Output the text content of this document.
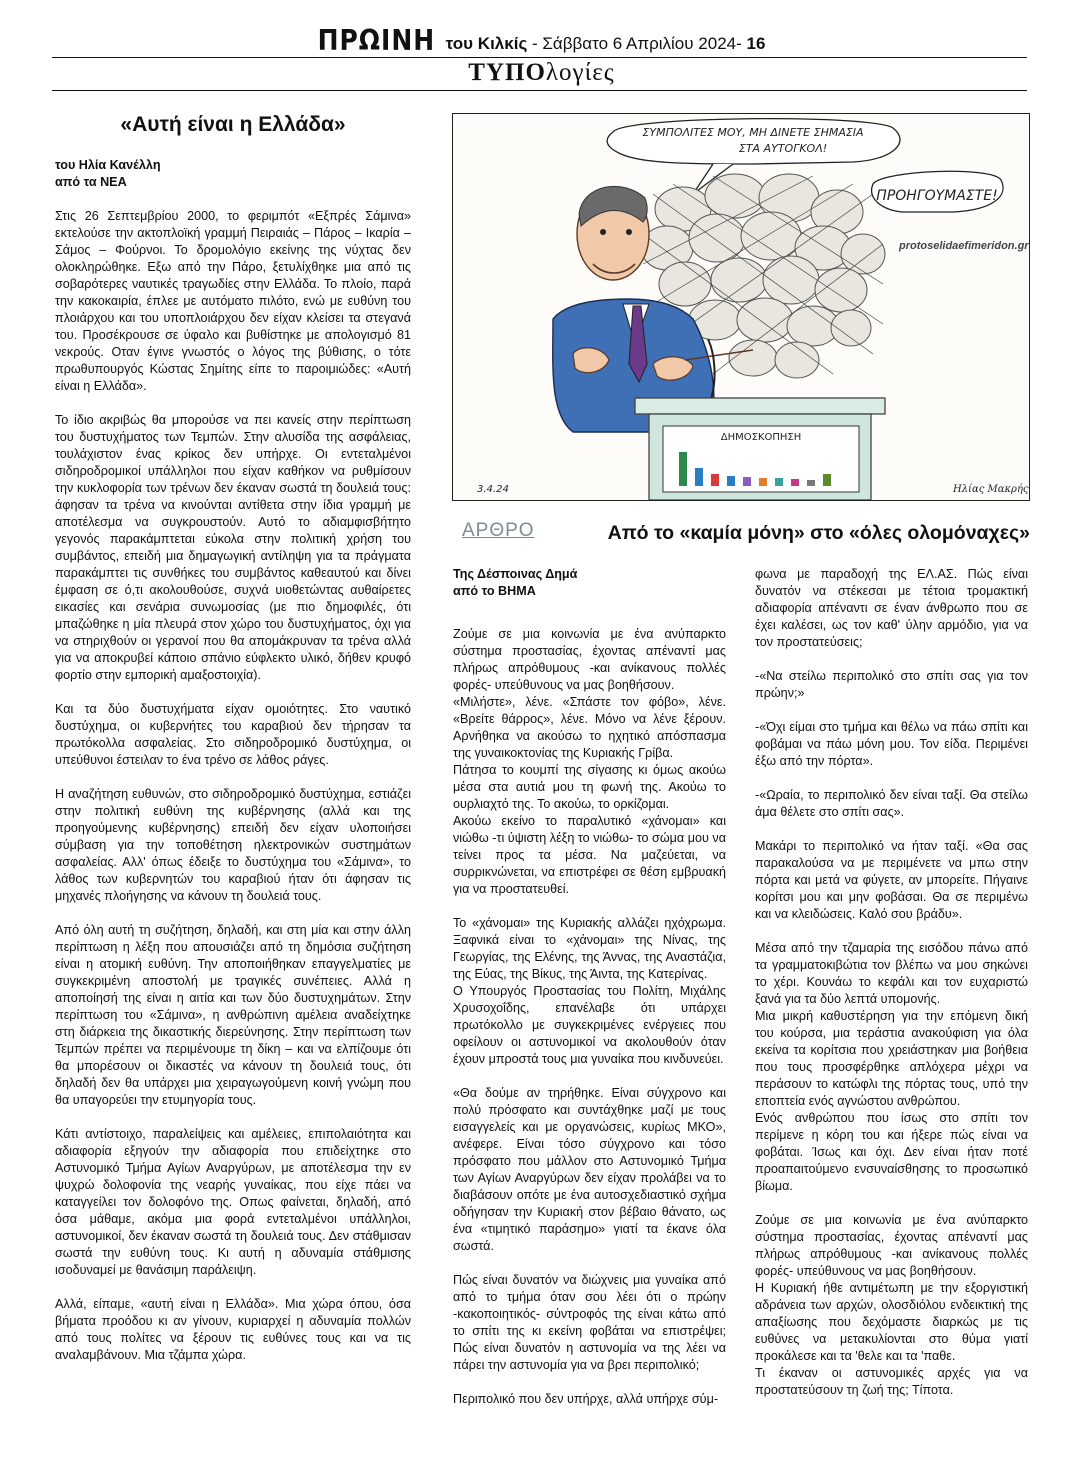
ΠΡΩΙΝΗ του Κιλκίς - Σάββατο 6 Απριλίου 2024- 16
ΤΥΠΟλογίες
«Αυτή είναι η Ελλάδα»
του Ηλία Κανέλλη
από τα ΝΕΑ

Στις 26 Σεπτεμβρίου 2000, το φεριμπότ «Εξπρές Σάμινα» εκτελούσε την ακτοπλοϊκή γραμμή Πειραιάς – Πάρος – Ικαρία – Σάμος – Φούρνοι. Το δρομολόγιο εκείνης της νύχτας δεν ολοκληρώθηκε. Εξω από την Πάρο, ξετυλίχθηκε μια από τις σοβαρότερες ναυτικές τραγωδίες στην Ελλάδα. Το πλοίο, παρά την κακοκαιρία, έπλεε με αυτόματο πιλότο, ενώ με ευθύνη του πλοιάρχου και του υποπλοιάρχου δεν είχαν κλείσει τα στεγανά του. Προσέκρουσε σε ύφαλο και βυθίστηκε με απολογισμό 81 νεκρούς. Οταν έγινε γνωστός ο λόγος της βύθισης, ο τότε πρωθυπουργός Κώστας Σημίτης είπε το παροιμιώδες: «Αυτή είναι η Ελλάδα».

Το ίδιο ακριβώς θα μπορούσε να πει κανείς στην περίπτωση του δυστυχήματος των Τεμπών. Στην αλυσίδα της ασφάλειας, τουλάχιστον ένας κρίκος δεν υπήρχε. Οι εντεταλμένοι σιδηροδρομικοί υπάλληλοι που είχαν καθήκον να ρυθμίσουν την κυκλοφορία των τρένων δεν έκαναν σωστά τη δουλειά τους: άφησαν τα τρένα να κινούνται αντίθετα στην ίδια γραμμή με αποτέλεσμα να συγκρουστούν. Αυτό το αδιαμφισβήτητο γεγονός παρακάμπτεται εύκολα στην πολιτική χρήση του συμβάντος, επειδή μια δημαγωγική αντίληψη για τα πράγματα παρακάμπτει τις συνθήκες του συμβάντος καθεαυτού και δίνει έμφαση σε ό,τι ακολουθούσε, συχνά υιοθετώντας αυθαίρετες εικασίες και σενάρια συνωμοσίας (με πιο δημοφιλές, ότι μπαζώθηκε η μία πλευρά στον χώρο του δυστυχήματος, όχι για να στηριχθούν οι γερανοί που θα απομάκρυναν τα τρένα αλλά για να αποκρυβεί κάποιο σπάνιο εύφλεκτο υλικό, δήθεν κρυφό φορτίο στην εμπορική αμαξοστοιχία).

Και τα δύο δυστυχήματα είχαν ομοιότητες. Στο ναυτικό δυστύχημα, οι κυβερνήτες του καραβιού δεν τήρησαν τα πρωτόκολλα ασφαλείας. Στο σιδηροδρομικό δυστύχημα, οι υπεύθυνοι έστειλαν το ένα τρένο σε λάθος ράγες.

Η αναζήτηση ευθυνών, στο σιδηροδρομικό δυστύχημα, εστιάζει στην πολιτική ευθύνη της κυβέρνησης (αλλά και της προηγούμενης κυβέρνησης) επειδή δεν είχαν υλοποιήσει σύμβαση για την τοποθέτηση ηλεκτρονικών συστημάτων ασφαλείας. Αλλ' όπως έδειξε το δυστύχημα του «Σάμινα», το λάθος των κυβερνητών του καραβιού ήταν ότι άφησαν τις μηχανές πλοήγησης να κάνουν τη δουλειά τους.

Από όλη αυτή τη συζήτηση, δηλαδή, και στη μία και στην άλλη περίπτωση η λέξη που απουσιάζει από τη δημόσια συζήτηση είναι η ατομική ευθύνη. Την αποποιήθηκαν επαγγελματίες με συγκεκριμένη αποστολή με τραγικές συνέπειες. Αλλά η αποποίησή της είναι η αιτία και των δύο δυστυχημάτων. Στην περίπτωση του «Σάμινα», η ανθρώπινη αμέλεια αναδείχτηκε στη διάρκεια της δικαστικής διερεύνησης. Στην περίπτωση των Τεμπών πρέπει να περιμένουμε τη δίκη – και να ελπίζουμε ότι θα μπορέσουν οι δικαστές να κάνουν τη δουλειά τους, ότι δηλαδή δεν θα υπάρχει μια χειραγωγούμενη κοινή γνώμη που θα υπαγορεύει την ετυμηγορία τους.

Κάτι αντίστοιχο, παραλείψεις και αμέλειες, επιπολαιότητα και αδιαφορία εξηγούν την αδιαφορία που επιδείχτηκε στο Αστυνομικό Τμήμα Αγίων Αναργύρων, με αποτέλεσμα την εν ψυχρώ δολοφονία της νεαρής γυναίκας, που είχε πάει να καταγγείλει τον δολοφόνο της. Οπως φαίνεται, δηλαδή, από όσα μάθαμε, ακόμα μια φορά εντεταλμένοι υπάλληλοι, αστυνομικοί, δεν έκαναν σωστά τη δουλειά τους. Δεν στάθμισαν σωστά την ευθύνη τους. Κι αυτή η αδυναμία στάθμισης ισοδυναμεί με θανάσιμη παράλειψη.

Αλλά, είπαμε, «αυτή είναι η Ελλάδα». Μια χώρα όπου, όσα βήματα προόδου κι αν γίνουν, κυριαρχεί η αδυναμία πολλών από τους πολίτες να ξέρουν τις ευθύνες τους και να τις αναλαμβάνουν. Μια τζάμπα χώρα.

ΣΥΜΠΟΛΙΤΕΣ ΜΟΥ, ΜΗ ΔΙΝΕΤΕ ΣΗΜΑΣΙΑ
ΣΤΑ ΑΥΤΟΓΚΟΛ!
ΠΡΟΗΓΟΥΜΑΣΤΕ!
ΔΗΜΟΣΚΟΠΗΣΗ
3.4.24	Ηλίας Μακρής
protoselidaefimeridon.gr
ΑΡΘΡΟ	Από το «καμία μόνη» στο «όλες ολομόναχες»
Της Δέσποινας Δημά
από το ΒΗΜΑ

Ζούμε σε μια κοινωνία με ένα ανύπαρκτο σύστημα προστασίας, έχοντας απέναντί μας πλήρως απρόθυμους -και ανίκανους πολλές φορές- υπεύθυνους να μας βοηθήσουν.

«Μιλήστε», λένε. «Σπάστε τον φόβο», λένε. «Βρείτε θάρρος», λένε. Μόνο να λένε ξέρουν. Αρνήθηκα να ακούσω το ηχητικό απόσπασμα της γυναικοκτονίας της Κυριακής Γρίβα.

Πάτησα το κουμπί της σίγασης κι όμως ακούω μέσα στα αυτιά μου τη φωνή της. Ακούω το ουρλιαχτό της. Το ακούω, το ορκίζομαι.

Ακούω εκείνο το παραλυτικό «χάνομαι» και νιώθω -τι ύψιστη λέξη το νιώθω- το σώμα μου να τείνει προς τα μέσα. Να μαζεύεται, να συρρικνώνεται, να επιστρέφει σε θέση εμβρυακή για να προστατευθεί.

Το «χάνομαι» της Κυριακής αλλάζει ηχόχρωμα. Ξαφνικά είναι το «χάνομαι» της Νίνας, της Γεωργίας, της Ελένης, της Άννας, της Αναστάζια, της Εύας, της Βίκυς, της Άιντα, της Κατερίνας.

Ο Υπουργός Προστασίας του Πολίτη, Μιχάλης Χρυσοχοΐδης, επανέλαβε ότι υπάρχει πρωτόκολλο με συγκεκριμένες ενέργειες που οφείλουν οι αστυνομικοί να ακολουθούν όταν έχουν μπροστά τους μια γυναίκα που κινδυνεύει.

«Θα δούμε αν τηρήθηκε. Είναι σύγχρονο και πολύ πρόσφατο και συντάχθηκε μαζί με τους εισαγγελείς και με οργανώσεις, κυρίως ΜΚΟ», ανέφερε. Είναι τόσο σύγχρονο και τόσο πρόσφατο που μάλλον στο Αστυνομικό Τμήμα των Αγίων Αναργύρων δεν είχαν προλάβει να το διαβάσουν οπότε με ένα αυτοσχεδιαστικό σχήμα οδήγησαν την Κυριακή στον βέβαιο θάνατο, ως ένα «τιμητικό παράσημο» γιατί τα έκανε όλα σωστά.

Πώς είναι δυνατόν να διώχνεις μια γυναίκα από από το τμήμα όταν σου λέει ότι ο πρώην -κακοποιητικός- σύντροφός της είναι κάτω από το σπίτι της κι εκείνη φοβάται να επιστρέψει; Πώς είναι δυνατόν η αστυνομία να της λέει να πάρει την αστυνομία για να βρει περιπολικό;

Περιπολικό που δεν υπήρχε, αλλά υπήρχε σύμ-

φωνα με παραδοχή της ΕΛ.ΑΣ. Πώς είναι δυνατόν να στέκεσαι με τέτοια τρομακτική αδιαφορία απέναντι σε έναν άνθρωπο που σε έχει καλέσει, ως τον καθ' ύλην αρμόδιο, για να τον προστατεύσεις;

-«Να στείλω περιπολικό στο σπίτι σας για τον πρώην;»

-«Όχι είμαι στο τμήμα και θέλω να πάω σπίτι και φοβάμαι να πάω μόνη μου. Τον είδα. Περιμένει έξω από την πόρτα».

-«Ωραία, το περιπολικό δεν είναι ταξί. Θα στείλω άμα θέλετε στο σπίτι σας».

Μακάρι το περιπολικό να ήταν ταξί. «Θα σας παρακαλούσα να με περιμένετε να μπω στην πόρτα και μετά να φύγετε, αν μπορείτε. Πήγαινε κορίτσι μου και μην φοβάσαι. Θα σε περιμένω και να κλειδώσεις. Καλό σου βράδυ».

Μέσα από την τζαμαρία της εισόδου πάνω από τα γραμματοκιβώτια τον βλέπω να μου σηκώνει το χέρι. Κουνάω το κεφάλι και τον ευχαριστώ ξανά για τα δύο λεπτά υπομονής.

Μια μικρή καθυστέρηση για την επόμενη δική του κούρσα, μια τεράστια ανακούφιση για όλα εκείνα τα κορίτσια που χρειάστηκαν μια βοήθεια που τους προσφέρθηκε απλόχερα μέχρι να περάσουν το κατώφλι της πόρτας τους, υπό την εποπτεία ενός αγνώστου ανθρώπου.

Ενός ανθρώπου που ίσως στο σπίτι τον περίμενε η κόρη του και ήξερε πώς είναι να φοβάται. Ίσως και όχι. Δεν είναι ήταν ποτέ προαπαιτούμενο ενσυναίσθησης το προσωπικό βίωμα.

Ζούμε σε μια κοινωνία με ένα ανύπαρκτο σύστημα προστασίας, έχοντας απέναντί μας πλήρως απρόθυμους -και ανίκανους πολλές φορές- υπεύθυνους να μας βοηθήσουν.

Η Κυριακή ήθε αντιμέτωπη με την εξοργιστική αδράνεια των αρχών, ολοσδιόλου ενδεικτική της απαξίωσης που δεχόμαστε διαρκώς με τις ευθύνες να μετακυλίονται στο θύμα γιατί προκάλεσε και τα 'θελε και τα 'παθε.

Τι έκαναν οι αστυνομικές αρχές για να προστατεύσουν τη ζωή της; Τίποτα.
